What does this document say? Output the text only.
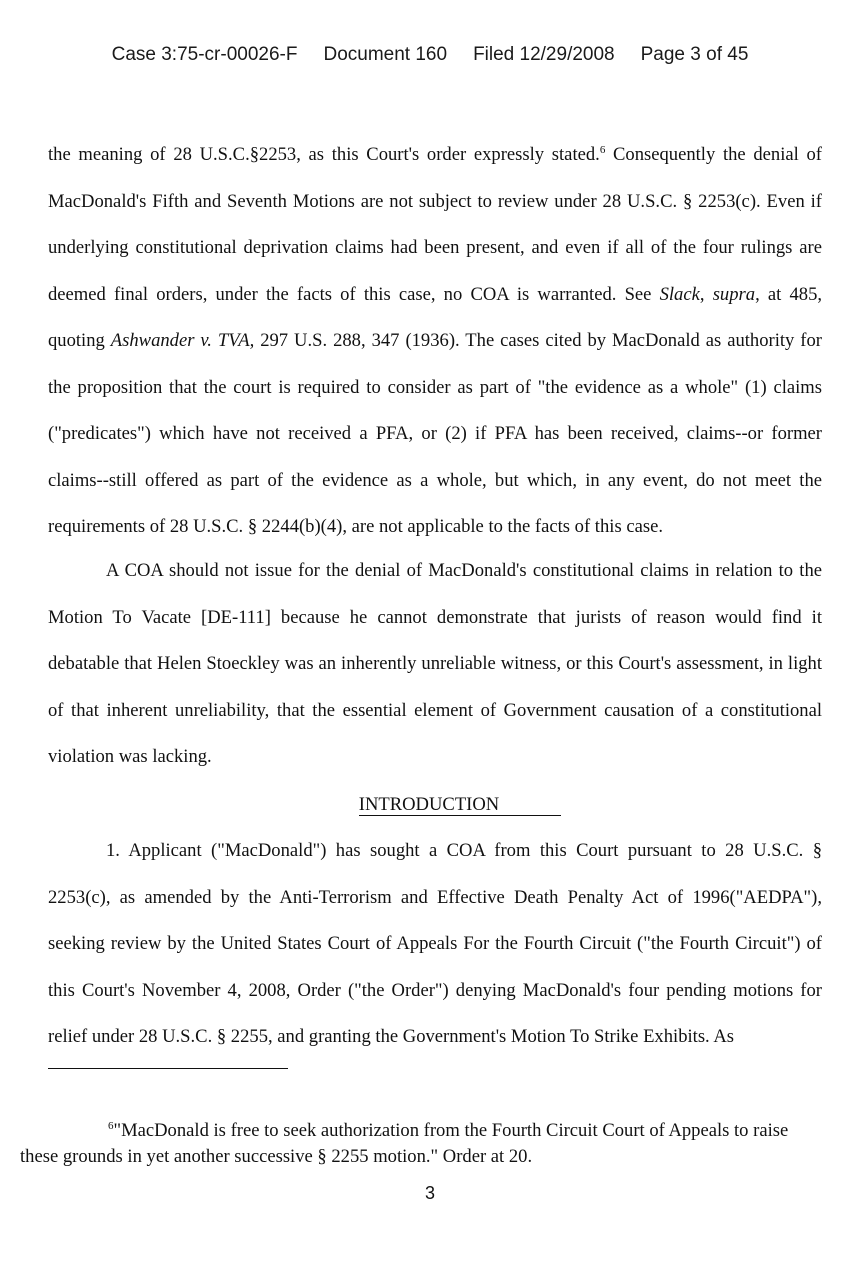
Case 3:75-cr-00026-F Document 160 Filed 12/29/2008 Page 3 of 45

the meaning of 28 U.S.C.§2253, as this Court's order expressly stated.$^6$ Consequently the denial of MacDonald's Fifth and Seventh Motions are not subject to review under 28 U.S.C. § 2253(c). Even if underlying constitutional deprivation claims had been present, and even if all of the four rulings are deemed final orders, under the facts of this case, no COA is warranted. See Slack, supra, at 485, quoting Ashwander v. TVA, 297 U.S. 288, 347 (1936). The cases cited by MacDonald as authority for the proposition that the court is required to consider as part of "the evidence as a whole" (1) claims ("predicates") which have not received a PFA, or (2) if PFA has been received, claims--or former claims--still offered as part of the evidence as a whole, but which, in any event, do not meet the requirements of 28 U.S.C. § 2244(b)(4), are not applicable to the facts of this case.

A COA should not issue for the denial of MacDonald's constitutional claims in relation to the Motion To Vacate [DE-111] because he cannot demonstrate that jurists of reason would find it debatable that Helen Stoeckley was an inherently unreliable witness, or this Court's assessment, in light of that inherent unreliability, that the essential element of Government causation of a constitutional violation was lacking.

INTRODUCTION

1. Applicant ("MacDonald") has sought a COA from this Court pursuant to 28 U.S.C. § 2253(c), as amended by the Anti-Terrorism and Effective Death Penalty Act of 1996("AEDPA"), seeking review by the United States Court of Appeals For the Fourth Circuit ("the Fourth Circuit") of this Court's November 4, 2008, Order ("the Order") denying MacDonald's four pending motions for relief under 28 U.S.C. § 2255, and granting the Government's Motion To Strike Exhibits. As

$^6$"MacDonald is free to seek authorization from the Fourth Circuit Court of Appeals to raise these grounds in yet another successive § 2255 motion." Order at 20.

3
